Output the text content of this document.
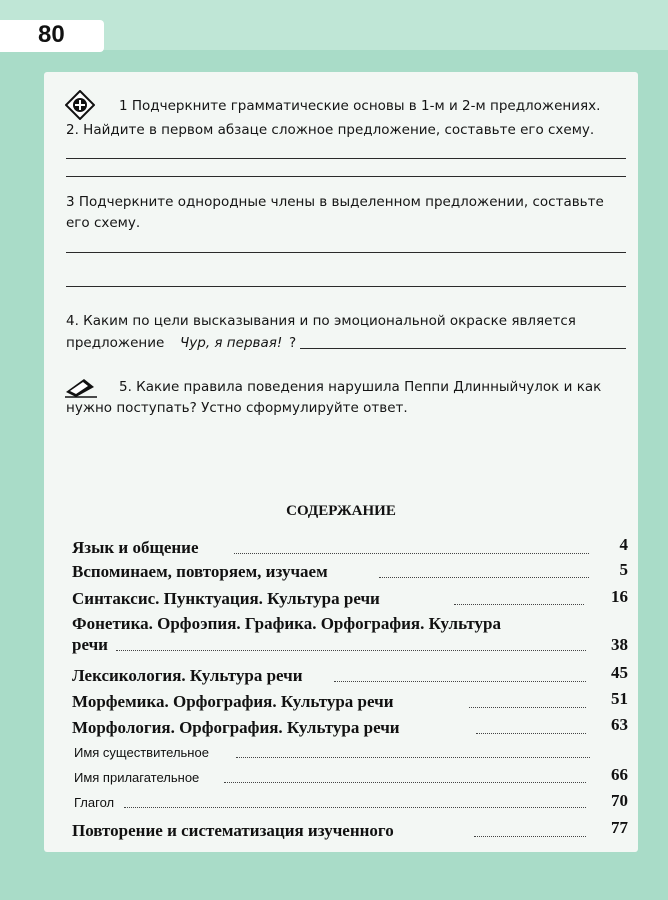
80
1 Подчеркните грамматические основы в 1-м и 2-м предложениях.
2. Найдите в первом абзаце сложное предложение, составьте его схему.
3 Подчеркните однородные члены в выделенном предложении, составьте
его схему.
4. Каким по цели высказывания и по эмоциональной окраске является
предложение Чур, я первая! ?
5. Какие правила поведения нарушила Пеппи Длинныйчулок и как
нужно поступать? Устно сформулируйте ответ.
СОДЕРЖАНИЕ
Язык и общение	4
Вспоминаем, повторяем, изучаем	5
Синтаксис. Пунктуация. Культура речи	16
Фонетика. Орфоэпия. Графика. Орфография. Культура
речи	38
Лексикология. Культура речи	45
Морфемика. Орфография. Культура речи	51
Морфология. Орфография. Культура речи	63
Имя существительное
Имя прилагательное	66
Глагол	70
Повторение и систематизация изученного	77
